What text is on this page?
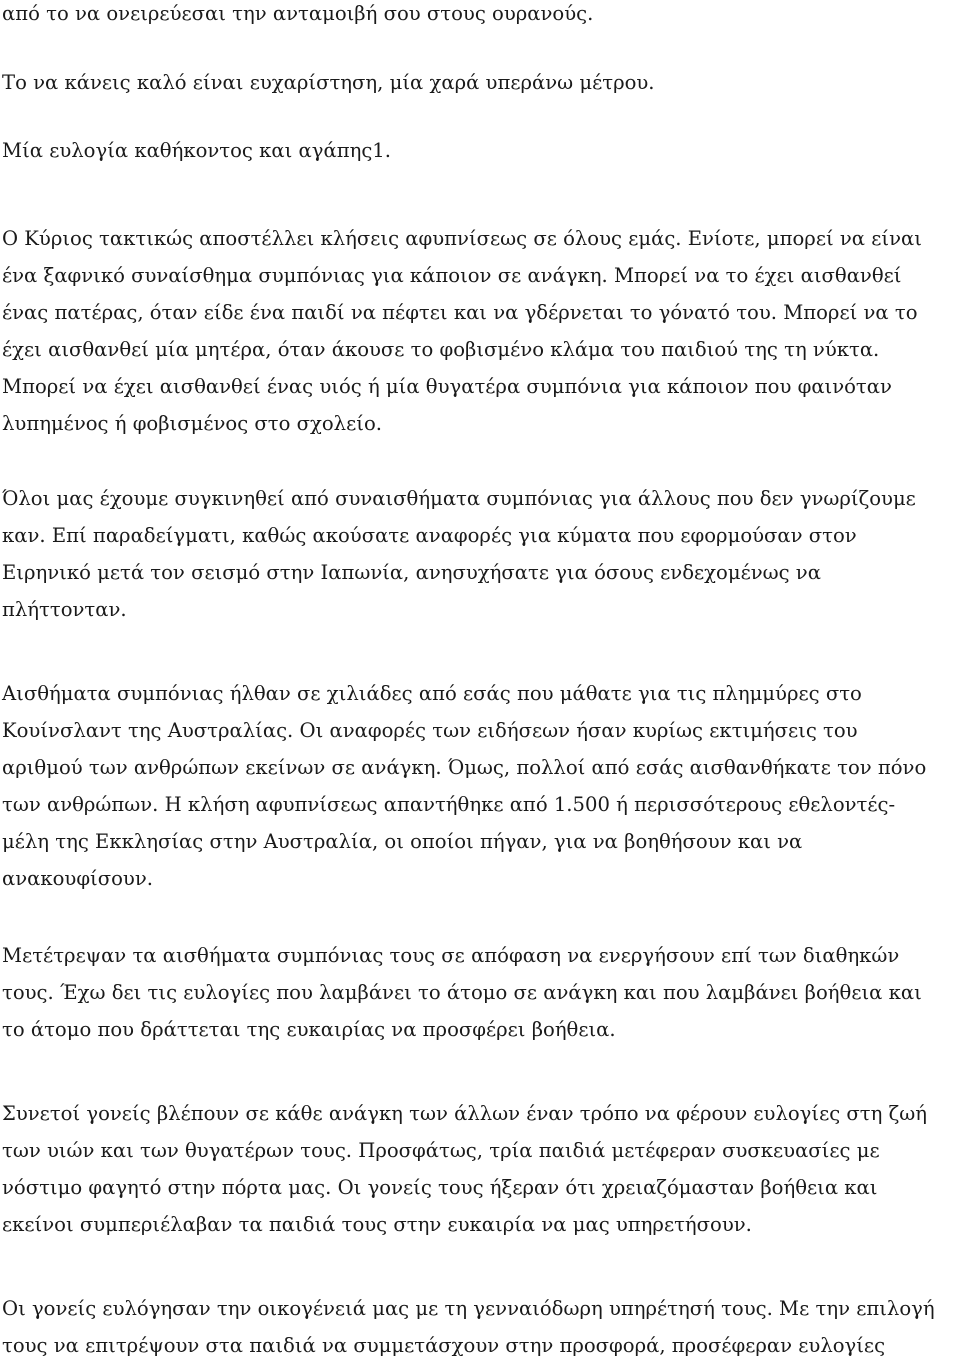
από το να ονειρεύεσαι την ανταμοιβή σου στους ουρανούς.

Το να κάνεις καλό είναι ευχαρίστηση, μία χαρά υπεράνω μέτρου.

Μία ευλογία καθήκοντος και αγάπης1.

Ο Κύριος τακτικώς αποστέλλει κλήσεις αφυπνίσεως σε όλους εμάς. Ενίοτε, μπορεί να είναι
ένα ξαφνικό συναίσθημα συμπόνιας για κάποιον σε ανάγκη. Μπορεί να το έχει αισθανθεί
ένας πατέρας, όταν είδε ένα παιδί να πέφτει και να γδέρνεται το γόνατό του. Μπορεί να το
έχει αισθανθεί μία μητέρα, όταν άκουσε το φοβισμένο κλάμα του παιδιού της τη νύκτα.
Μπορεί να έχει αισθανθεί ένας υιός ή μία θυγατέρα συμπόνια για κάποιον που φαινόταν
λυπημένος ή φοβισμένος στο σχολείο.

Όλοι μας έχουμε συγκινηθεί από συναισθήματα συμπόνιας για άλλους που δεν γνωρίζουμε
καν. Επί παραδείγματι, καθώς ακούσατε αναφορές για κύματα που εφορμούσαν στον
Ειρηνικό μετά τον σεισμό στην Ιαπωνία, ανησυχήσατε για όσους ενδεχομένως να
πλήττονταν.

Αισθήματα συμπόνιας ήλθαν σε χιλιάδες από εσάς που μάθατε για τις πλημμύρες στο
Κουίνσλαντ της Αυστραλίας. Οι αναφορές των ειδήσεων ήσαν κυρίως εκτιμήσεις του
αριθμού των ανθρώπων εκείνων σε ανάγκη. Όμως, πολλοί από εσάς αισθανθήκατε τον πόνο
των ανθρώπων. Η κλήση αφυπνίσεως απαντήθηκε από 1.500 ή περισσότερους εθελοντές-
μέλη της Εκκλησίας στην Αυστραλία, οι οποίοι πήγαν, για να βοηθήσουν και να
ανακουφίσουν.

Μετέτρεψαν τα αισθήματα συμπόνιας τους σε απόφαση να ενεργήσουν επί των διαθηκών
τους. Έχω δει τις ευλογίες που λαμβάνει το άτομο σε ανάγκη και που λαμβάνει βοήθεια και
το άτομο που δράττεται της ευκαιρίας να προσφέρει βοήθεια.

Συνετοί γονείς βλέπουν σε κάθε ανάγκη των άλλων έναν τρόπο να φέρουν ευλογίες στη ζωή
των υιών και των θυγατέρων τους. Προσφάτως, τρία παιδιά μετέφεραν συσκευασίες με
νόστιμο φαγητό στην πόρτα μας. Οι γονείς τους ήξεραν ότι χρειαζόμασταν βοήθεια και
εκείνοι συμπεριέλαβαν τα παιδιά τους στην ευκαιρία να μας υπηρετήσουν.

Οι γονείς ευλόγησαν την οικογένειά μας με τη γενναιόδωρη υπηρέτησή τους. Με την επιλογή
τους να επιτρέψουν στα παιδιά να συμμετάσχουν στην προσφορά, προσέφεραν ευλογίες
